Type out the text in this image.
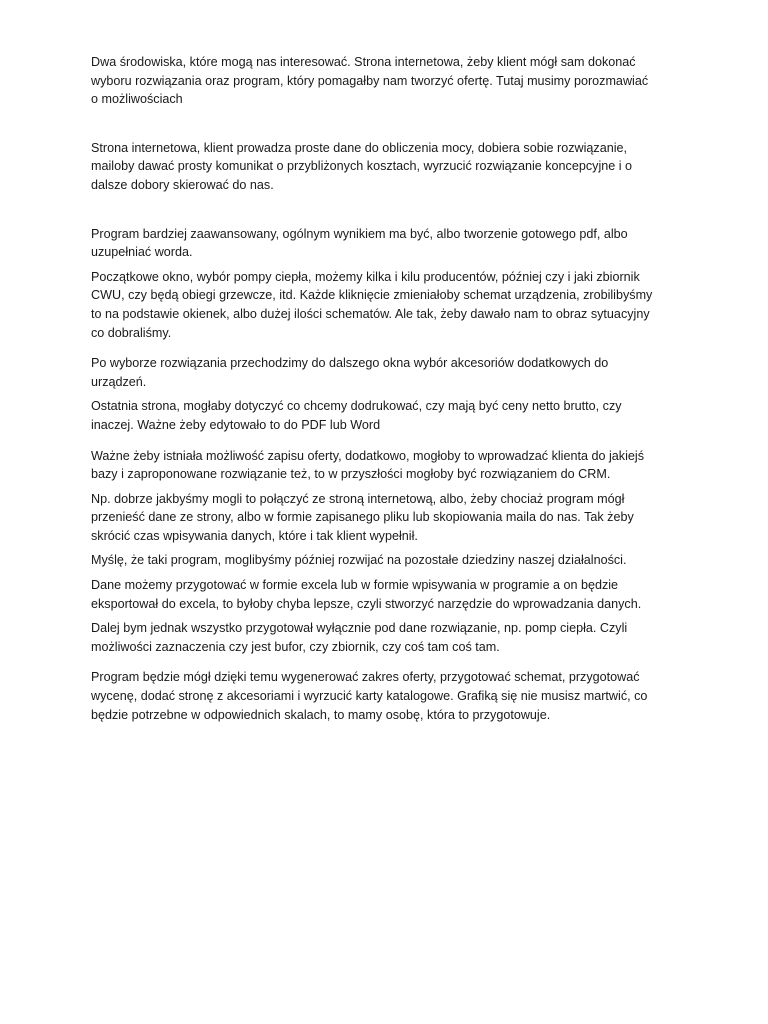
Dwa środowiska, które mogą nas interesować. Strona internetowa, żeby klient mógł sam dokonać
wyboru rozwiązania oraz program, który pomagałby nam tworzyć ofertę. Tutaj musimy porozmawiać
o możliwościach

Strona internetowa, klient prowadza proste dane do obliczenia mocy, dobiera sobie rozwiązanie,
mailoby dawać prosty komunikat o przybliżonych kosztach, wyrzucić rozwiązanie koncepcyjne i o
dalsze dobory skierować do nas.

Program bardziej zaawansowany, ogólnym wynikiem ma być, albo tworzenie gotowego pdf, albo
uzupełniać worda.

Początkowe okno, wybór pompy ciepła, możemy kilka i kilu producentów, później czy i jaki zbiornik
CWU, czy będą obiegi grzewcze, itd. Każde kliknięcie zmieniałoby schemat urządzenia, zrobilibyśmy
to na podstawie okienek, albo dużej ilości schematów. Ale tak, żeby dawało nam to obraz sytuacyjny
co dobraliśmy.

Po wyborze rozwiązania przechodzimy do dalszego okna wybór akcesoriów dodatkowych do
urządzeń.

Ostatnia strona, mogłaby dotyczyć co chcemy dodrukować, czy mają być ceny netto brutto, czy
inaczej. Ważne żeby edytowało to do PDF lub Word

Ważne żeby istniała możliwość zapisu oferty, dodatkowo, mogłoby to wprowadzać klienta do jakiejś
bazy i zaproponowane rozwiązanie też, to w przyszłości mogłoby być rozwiązaniem do CRM.

Np. dobrze jakbyśmy mogli to połączyć ze stroną internetową, albo, żeby chociaż program mógł
przenieść dane ze strony, albo w formie zapisanego pliku lub skopiowania maila do nas. Tak żeby
skrócić czas wpisywania danych, które i tak klient wypełnił.

Myślę, że taki program, moglibyśmy później rozwijać na pozostałe dziedziny naszej działalności.

Dane możemy przygotować w formie excela lub w formie wpisywania w programie a on będzie
eksportował do excela, to byłoby chyba lepsze, czyli stworzyć narzędzie do wprowadzania danych.

Dalej bym jednak wszystko przygotował wyłącznie pod dane rozwiązanie, np. pomp ciepła. Czyli
możliwości zaznaczenia czy jest bufor, czy zbiornik, czy coś tam coś tam.

Program będzie mógł dzięki temu wygenerować zakres oferty, przygotować schemat, przygotować
wycenę, dodać stronę z akcesoriami i wyrzucić karty katalogowe. Grafiką się nie musisz martwić, co
będzie potrzebne w odpowiednich skalach, to mamy osobę, która to przygotowuje.
